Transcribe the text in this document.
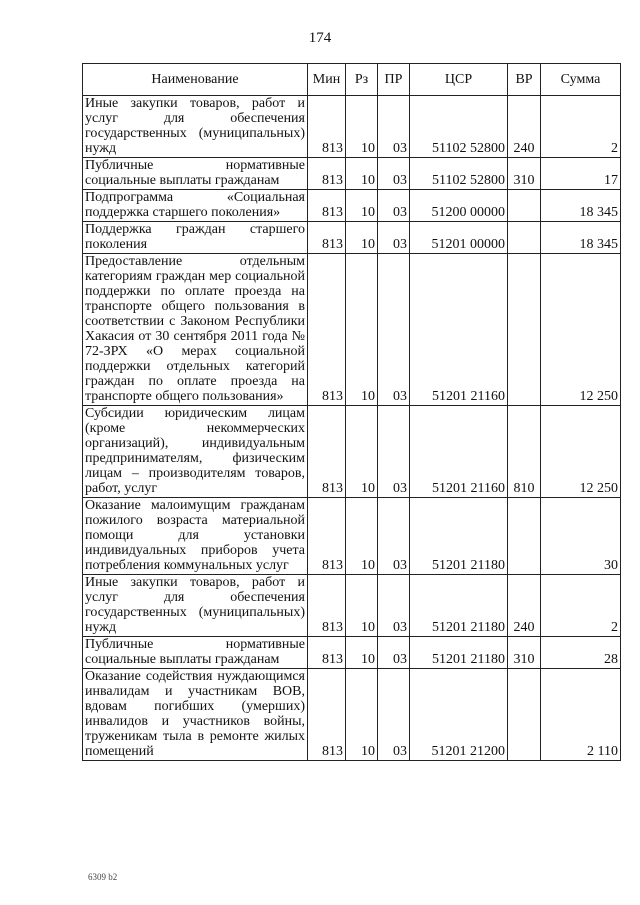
174
Наименование	Мин	Рз	ПР	ЦСР	ВР	Сумма
Иные закупки товаров, работ и услуг для обеспечения государственных (муниципальных) нужд	813	10	03	51102 52800	240	2
Публичные нормативные социальные выплаты гражданам	813	10	03	51102 52800	310	17
Подпрограмма «Социальная поддержка старшего поколения»	813	10	03	51200 00000		18 345
Поддержка граждан старшего поколения	813	10	03	51201 00000		18 345
Предоставление отдельным категориям граждан мер социальной поддержки по оплате проезда на транспорте общего пользования в соответствии с Законом Республики Хакасия от 30 сентября 2011 года № 72-ЗРХ «О мерах социальной поддержки отдельных категорий граждан по оплате проезда на транспорте общего пользования»	813	10	03	51201 21160		12 250
Субсидии юридическим лицам (кроме некоммерческих организаций), индивидуальным предпринимателям, физическим лицам – производителям товаров, работ, услуг	813	10	03	51201 21160	810	12 250
Оказание малоимущим гражданам пожилого возраста материальной помощи для установки индивидуальных приборов учета потребления коммунальных услуг	813	10	03	51201 21180		30
Иные закупки товаров, работ и услуг для обеспечения государственных (муниципальных) нужд	813	10	03	51201 21180	240	2
Публичные нормативные социальные выплаты гражданам	813	10	03	51201 21180	310	28
Оказание содействия нуждающимся инвалидам и участникам ВОВ, вдовам погибших (умерших) инвалидов и участников войны, труженикам тыла в ремонте жилых помещений	813	10	03	51201 21200		2 110
6309 b2
